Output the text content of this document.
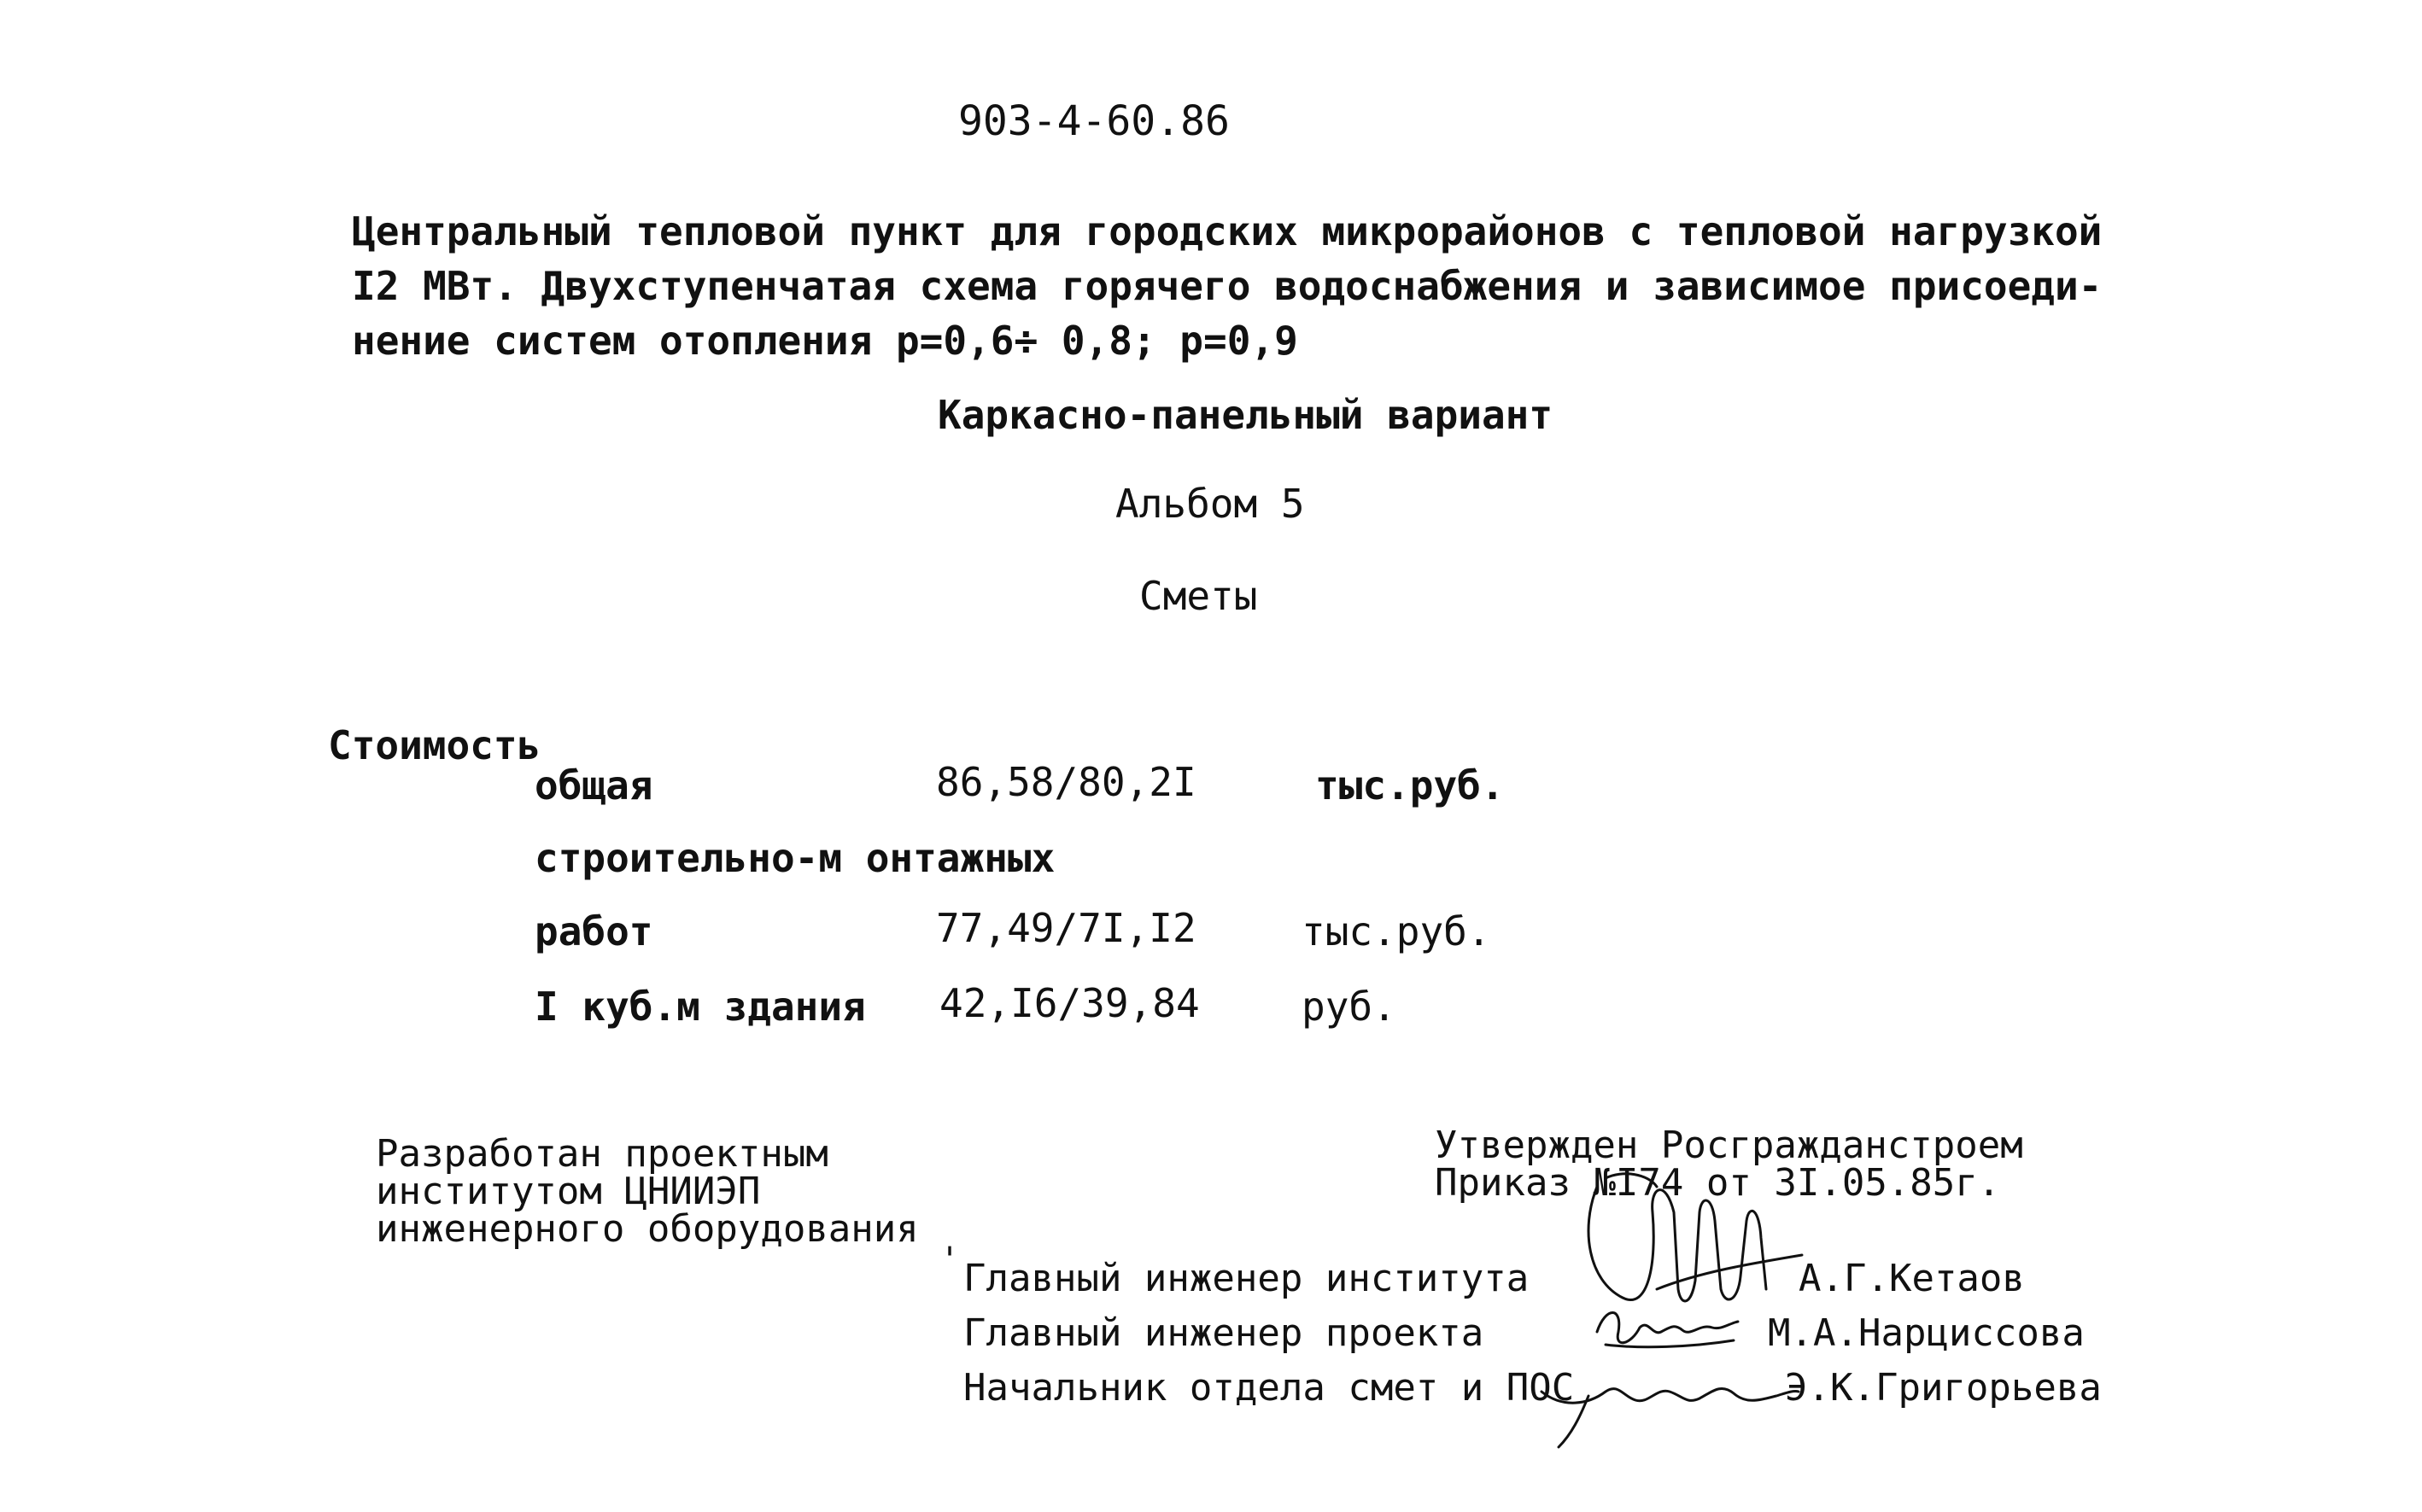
903-4-60.86
Центральный тепловой пункт для городских микрорайонов с тепловой нагрузкой
I2 МВт. Двухступенчатая схема горячего водоснабжения и зависимое присоеди-
нение систем отопления р=0,6÷ 0,8; р=0,9
Каркасно-панельный вариант
Альбом 5
Сметы
Стоимость
общая	86,58/80,2I	тыс.руб.
строительно-м онтажных
работ	77,49/7I,I2	тыс.руб.
I куб.м здания 42,I6/39,84	руб.
Разработан проектным
институтом ЦНИИЭП
инженерного оборудования
Утвержден Росгражданстроем
Приказ №I74 от 3I.05.85г.
' Главный инженер института	А.Г.Кетаов
Главный инженер проекта	М.А.Нарциссова
Начальник отдела смет и ПОС	Э.К.Григорьева
